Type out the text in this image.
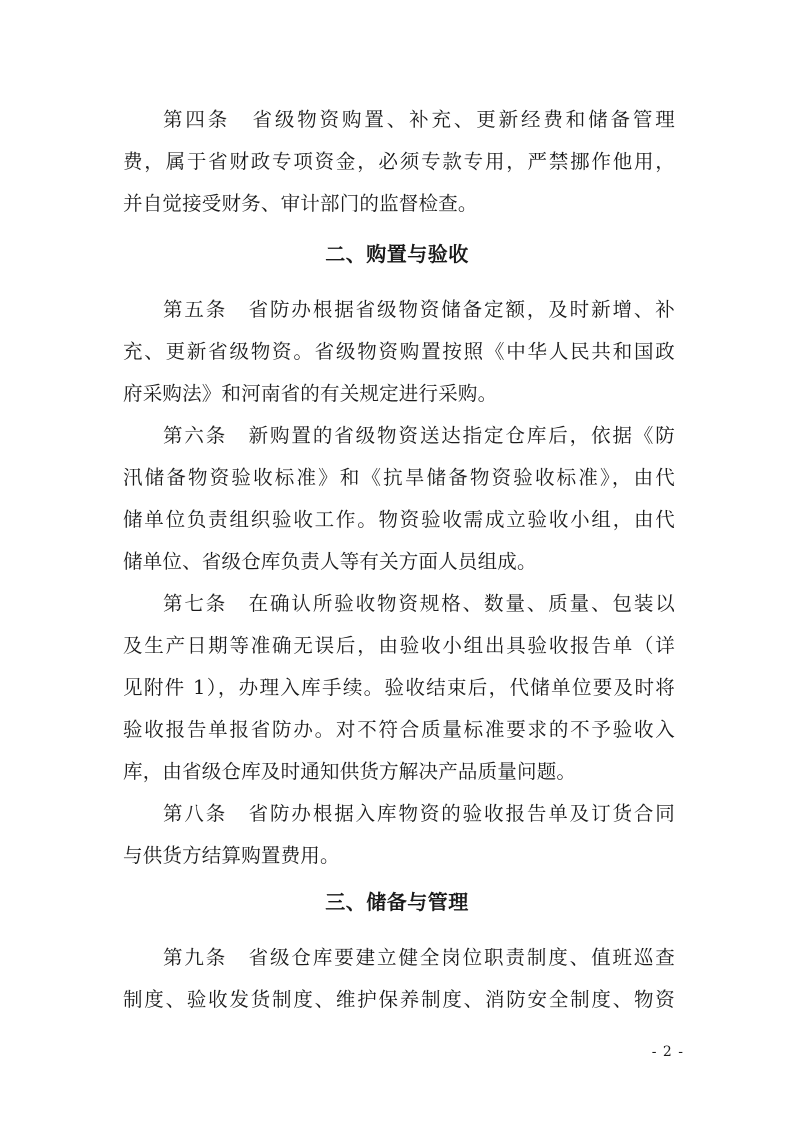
第四条　省级物资购置、补充、更新经费和储备管理
费，属于省财政专项资金，必须专款专用，严禁挪作他用，
并自觉接受财务、审计部门的监督检查。
二、购置与验收
第五条　省防办根据省级物资储备定额，及时新增、补
充、更新省级物资。省级物资购置按照《中华人民共和国政
府采购法》和河南省的有关规定进行采购。
第六条　新购置的省级物资送达指定仓库后，依据《防
汛储备物资验收标准》和《抗旱储备物资验收标准》，由代
储单位负责组织验收工作。物资验收需成立验收小组，由代
储单位、省级仓库负责人等有关方面人员组成。
第七条　在确认所验收物资规格、数量、质量、包装以
及生产日期等准确无误后，由验收小组出具验收报告单（详
见附件 1），办理入库手续。验收结束后，代储单位要及时将
验收报告单报省防办。对不符合质量标准要求的不予验收入
库，由省级仓库及时通知供货方解决产品质量问题。
第八条　省防办根据入库物资的验收报告单及订货合同
与供货方结算购置费用。
三、储备与管理
第九条　省级仓库要建立健全岗位职责制度、值班巡查
制度、验收发货制度、维护保养制度、消防安全制度、物资
- 2 -
